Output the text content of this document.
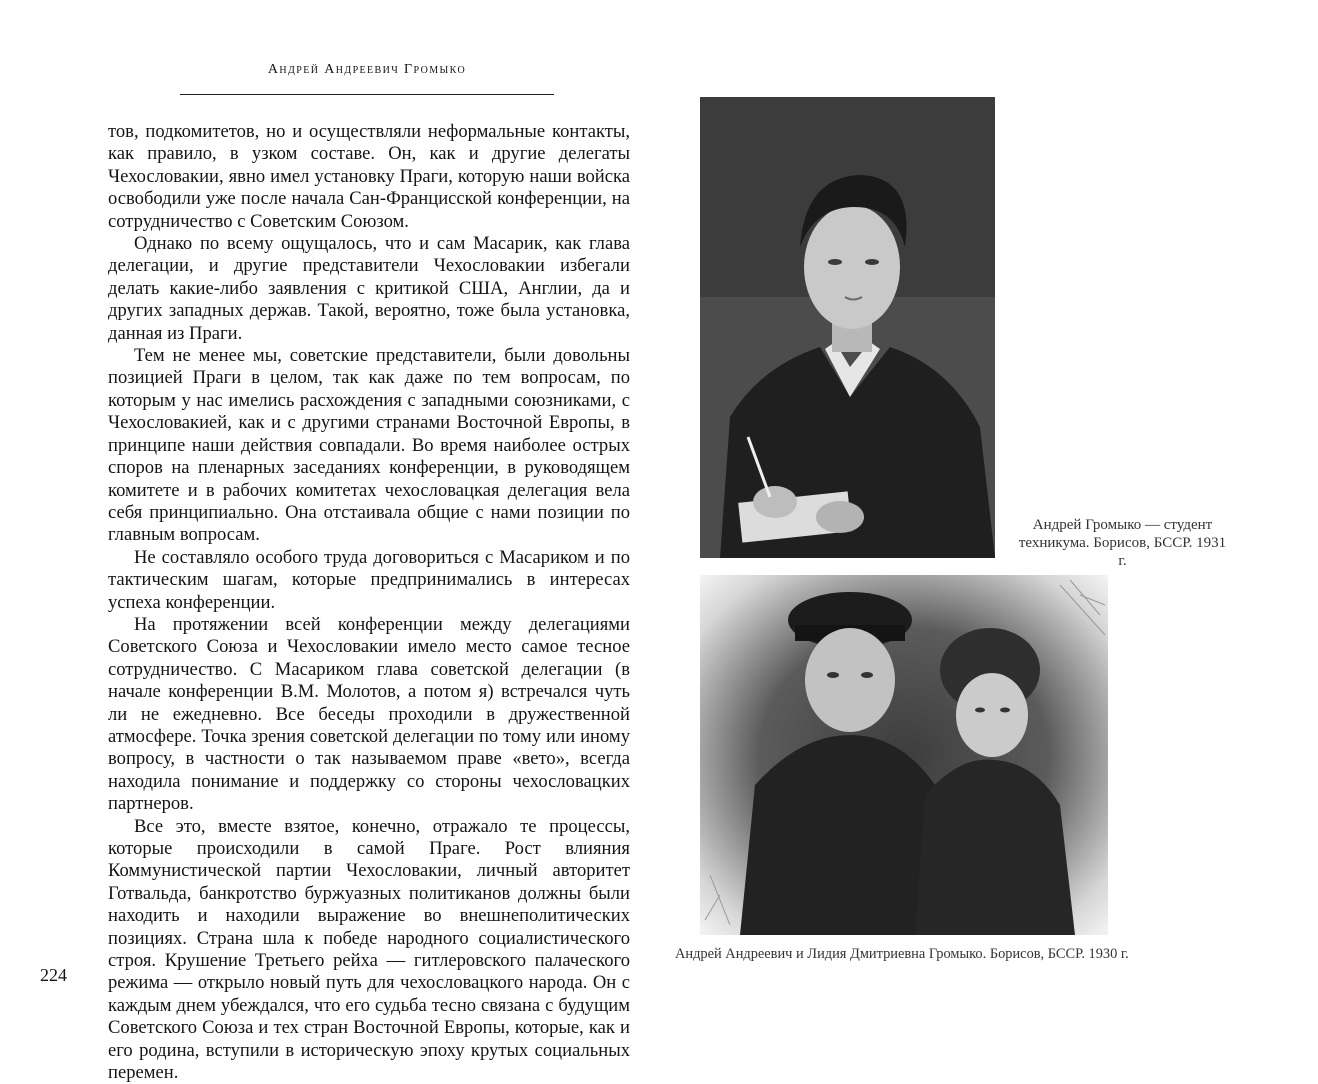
Андрей Андреевич Громыко

тов, подкомитетов, но и осуществляли неформальные контакты, как правило, в узком составе. Он, как и другие делегаты Чехословакии, явно имел установку Праги, которую наши войска освободили уже после начала Сан-Францисской конференции, на сотрудничество с Советским Союзом.

Однако по всему ощущалось, что и сам Масарик, как глава делегации, и другие представители Чехословакии избегали делать какие-либо заявления с критикой США, Англии, да и других западных держав. Такой, вероятно, тоже была установка, данная из Праги.

Тем не менее мы, советские представители, были довольны позицией Праги в целом, так как даже по тем вопросам, по которым у нас имелись расхождения с западными союзниками, с Чехословакией, как и с другими странами Восточной Европы, в принципе наши действия совпадали. Во время наиболее острых споров на пленарных заседаниях конференции, в руководящем комитете и в рабочих комитетах чехословацкая делегация вела себя принципиально. Она отстаивала общие с нами позиции по главным вопросам.

Не составляло особого труда договориться с Масариком и по тактическим шагам, которые предпринимались в интересах успеха конференции.

На протяжении всей конференции между делегациями Советского Союза и Чехословакии имело место самое тесное сотрудничество. С Масариком глава советской делегации (в начале конференции В.М. Молотов, а потом я) встречался чуть ли не ежедневно. Все беседы проходили в дружественной атмосфере. Точка зрения советской делегации по тому или иному вопросу, в частности о так называемом праве «вето», всегда находила понимание и поддержку со стороны чехословацких партнеров.

Все это, вместе взятое, конечно, отражало те процессы, которые происходили в самой Праге. Рост влияния Коммунистической партии Чехословакии, личный авторитет Готвальда, банкротство буржуазных политиканов должны были находить и находили выражение во внешнеполитических позициях. Страна шла к победе народного социалистического строя. Крушение Третьего рейха — гитлеровского палаческого режима — открыло новый путь для чехословацкого народа. Он с каждым днем убеждался, что его судьба тесно связана с будущим Советского Союза и тех стран Восточной Европы, которые, как и его родина, вступили в историческую эпоху крутых социальных перемен.

224
Андрей Громыко — студент техникума. Борисов, БССР. 1931 г.
Андрей Андреевич и Лидия Дмитриевна Громыко. Борисов, БССР. 1930 г.
